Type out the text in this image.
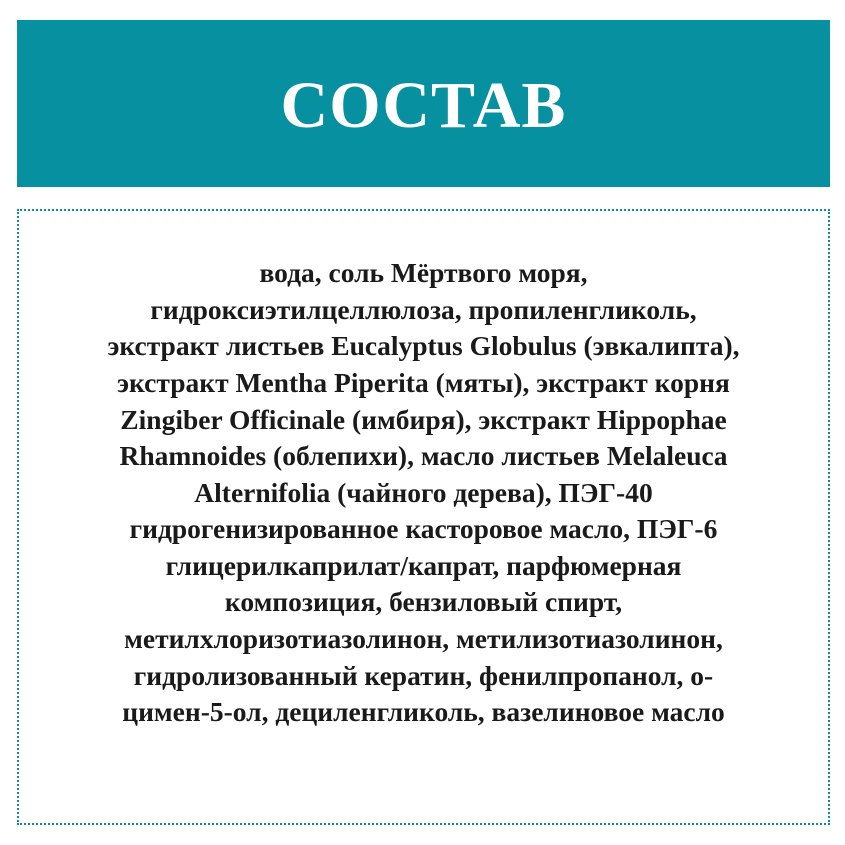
СОСТАВ

вода, соль Мёртвого моря,
гидроксиэтилцеллюлоза, пропиленгликоль,
экстракт листьев Eucalyptus Globulus (эвкалипта),
экстракт Mentha Piperita (мяты), экстракт корня
Zingiber Officinale (имбиря), экстракт Hippophae
Rhamnoides (облепихи), масло листьев Melaleuca
Alternifolia (чайного дерева), ПЭГ-40
гидрогенизированное касторовое масло, ПЭГ-6
глицерилкаприлат/капрат, парфюмерная
композиция, бензиловый спирт,
метилхлоризотиазолинон, метилизотиазолинон,
гидролизованный кератин, фенилпропанол, о-
цимен-5-ол, дециленгликоль, вазелиновое масло
